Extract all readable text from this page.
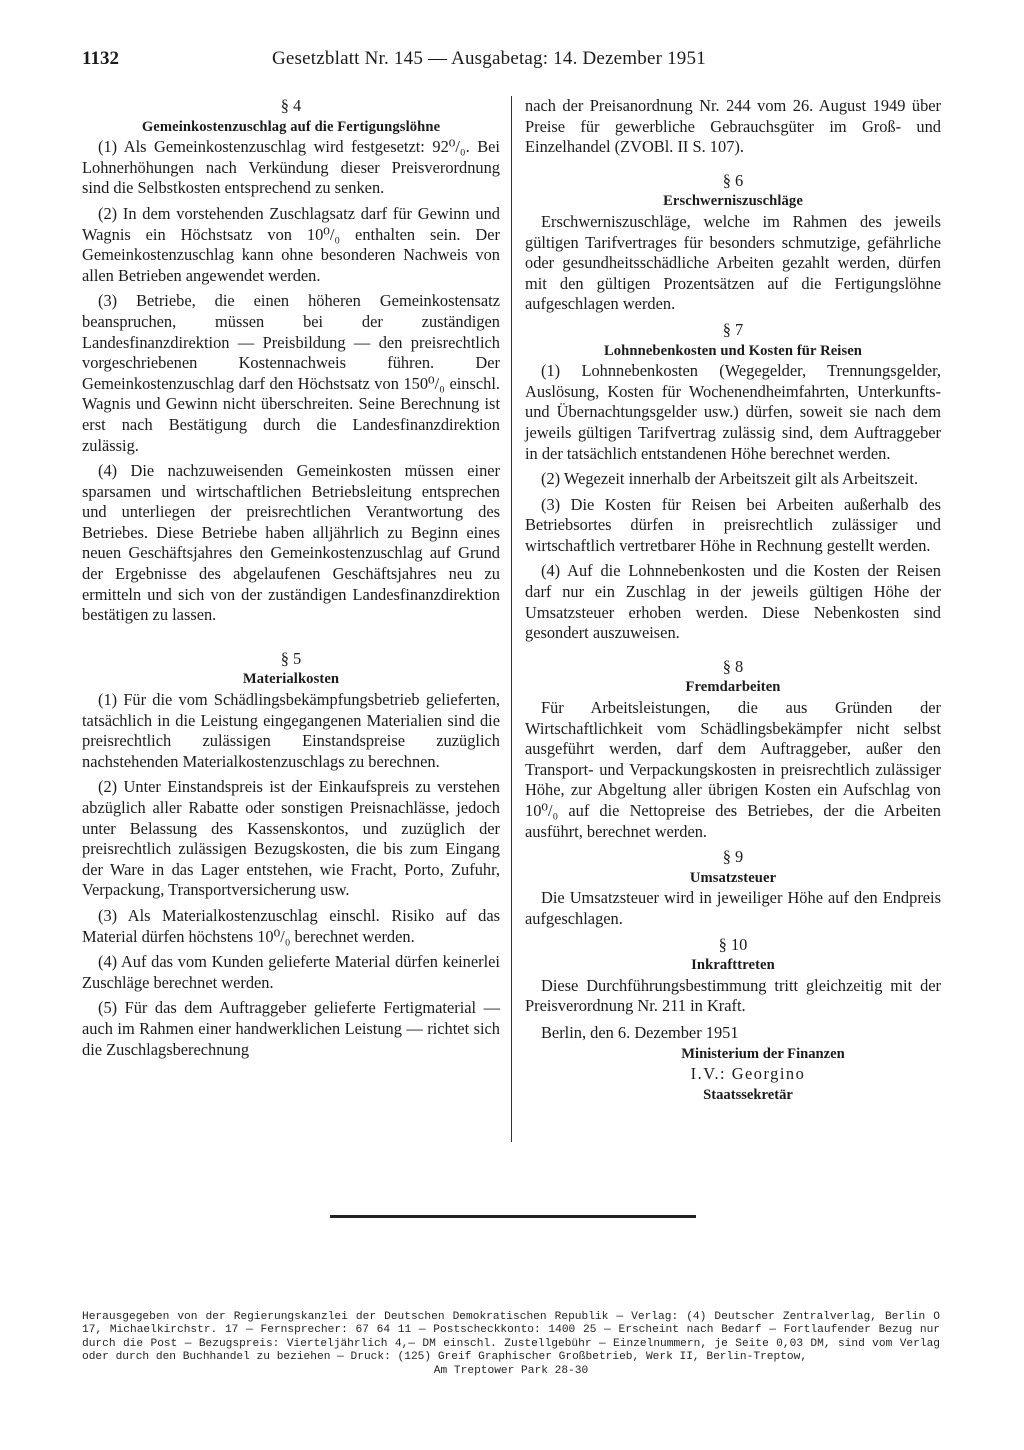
1132	Gesetzblatt Nr. 145 — Ausgabetag: 14. Dezember 1951
§ 4
Gemeinkostenzuschlag auf die Fertigungslöhne

(1) Als Gemeinkostenzuschlag wird festgesetzt: 92⁰/₀. Bei Lohnerhöhungen nach Verkündung dieser Preisverordnung sind die Selbstkosten entsprechend zu senken.

(2) In dem vorstehenden Zuschlagsatz darf für Gewinn und Wagnis ein Höchstsatz von 10⁰/₀ enthalten sein. Der Gemeinkostenzuschlag kann ohne besonderen Nachweis von allen Betrieben angewendet werden.

(3) Betriebe, die einen höheren Gemeinkostensatz beanspruchen, müssen bei der zuständigen Landesfinanzdirektion — Preisbildung — den preisrechtlich vorgeschriebenen Kostennachweis führen. Der Gemeinkostenzuschlag darf den Höchstsatz von 150⁰/₀ einschl. Wagnis und Gewinn nicht überschreiten. Seine Berechnung ist erst nach Bestätigung durch die Landesfinanzdirektion zulässig.

(4) Die nachzuweisenden Gemeinkosten müssen einer sparsamen und wirtschaftlichen Betriebsleitung entsprechen und unterliegen der preisrechtlichen Verantwortung des Betriebes. Diese Betriebe haben alljährlich zu Beginn eines neuen Geschäftsjahres den Gemeinkostenzuschlag auf Grund der Ergebnisse des abgelaufenen Geschäftsjahres neu zu ermitteln und sich von der zuständigen Landesfinanzdirektion bestätigen zu lassen.

§ 5
Materialkosten

(1) Für die vom Schädlingsbekämpfungsbetrieb gelieferten, tatsächlich in die Leistung eingegangenen Materialien sind die preisrechtlich zulässigen Einstandspreise zuzüglich nachstehenden Materialkostenzuschlags zu berechnen.

(2) Unter Einstandspreis ist der Einkaufspreis zu verstehen abzüglich aller Rabatte oder sonstigen Preisnachlässe, jedoch unter Belassung des Kassenskontos, und zuzüglich der preisrechtlich zulässigen Bezugskosten, die bis zum Eingang der Ware in das Lager entstehen, wie Fracht, Porto, Zufuhr, Verpackung, Transportversicherung usw.

(3) Als Materialkostenzuschlag einschl. Risiko auf das Material dürfen höchstens 10⁰/₀ berechnet werden.

(4) Auf das vom Kunden gelieferte Material dürfen keinerlei Zuschläge berechnet werden.

(5) Für das dem Auftraggeber gelieferte Fertigmaterial — auch im Rahmen einer handwerklichen Leistung — richtet sich die Zuschlagsberechnung

nach der Preisanordnung Nr. 244 vom 26. August 1949 über Preise für gewerbliche Gebrauchsgüter im Groß- und Einzelhandel (ZVOBl. II S. 107).

§ 6
Erschwerniszuschläge

Erschwerniszuschläge, welche im Rahmen des jeweils gültigen Tarifvertrages für besonders schmutzige, gefährliche oder gesundheitsschädliche Arbeiten gezahlt werden, dürfen mit den gültigen Prozentsätzen auf die Fertigungslöhne aufgeschlagen werden.

§ 7
Lohnnebenkosten und Kosten für Reisen

(1) Lohnnebenkosten (Wegegelder, Trennungsgelder, Auslösung, Kosten für Wochenendheimfahrten, Unterkunfts- und Übernachtungsgelder usw.) dürfen, soweit sie nach dem jeweils gültigen Tarifvertrag zulässig sind, dem Auftraggeber in der tatsächlich entstandenen Höhe berechnet werden.

(2) Wegezeit innerhalb der Arbeitszeit gilt als Arbeitszeit.

(3) Die Kosten für Reisen bei Arbeiten außerhalb des Betriebsortes dürfen in preisrechtlich zulässiger und wirtschaftlich vertretbarer Höhe in Rechnung gestellt werden.

(4) Auf die Lohnnebenkosten und die Kosten der Reisen darf nur ein Zuschlag in der jeweils gültigen Höhe der Umsatzsteuer erhoben werden. Diese Nebenkosten sind gesondert auszuweisen.

§ 8
Fremdarbeiten

Für Arbeitsleistungen, die aus Gründen der Wirtschaftlichkeit vom Schädlingsbekämpfer nicht selbst ausgeführt werden, darf dem Auftraggeber, außer den Transport- und Verpackungskosten in preisrechtlich zulässiger Höhe, zur Abgeltung aller übrigen Kosten ein Aufschlag von 10⁰/₀ auf die Nettopreise des Betriebes, der die Arbeiten ausführt, berechnet werden.

§ 9
Umsatzsteuer

Die Umsatzsteuer wird in jeweiliger Höhe auf den Endpreis aufgeschlagen.

§ 10
Inkrafttreten

Diese Durchführungsbestimmung tritt gleichzeitig mit der Preisverordnung Nr. 211 in Kraft.

Berlin, den 6. Dezember 1951
Ministerium der Finanzen
I.V.: Georgino
Staatssekretär
Herausgegeben von der Regierungskanzlei der Deutschen Demokratischen Republik — Verlag: (4) Deutscher Zentralverlag, Berlin O 17, Michaelkirchstr. 17 — Fernsprecher: 67 64 11 — Postscheckkonto: 1400 25 — Erscheint nach Bedarf — Fortlaufender Bezug nur durch die Post — Bezugspreis: Vierteljährlich 4,— DM einschl. Zustellgebühr — Einzelnummern, je Seite 0,03 DM, sind vom Verlag oder durch den Buchhandel zu beziehen — Druck: (125) Greif Graphischer Großbetrieb, Werk II, Berlin-Treptow,
Am Treptower Park 28-30
